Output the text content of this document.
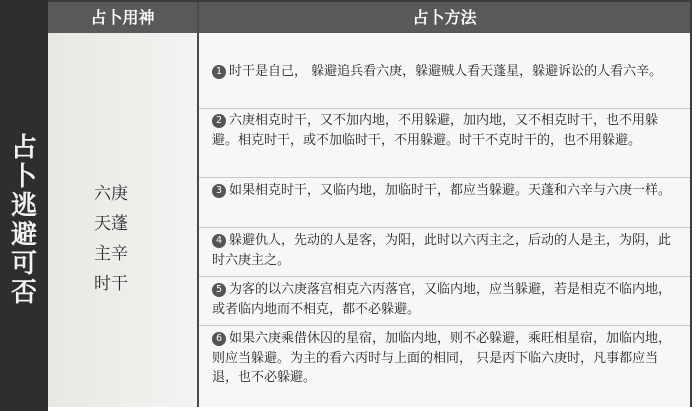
占
卜
逃
避
可
否
占卜用神	占卜方法
六庚
天蓬
主辛
时干
1 时干是自己， 躲避追兵看六庚，躲避贼人看天蓬星，躲避诉讼的人看六辛。
2 六庚相克时干，又不加内地，不用躲避，加内地，又不相克时干，也不用躲避。相克时干，或不加临时干，不用躲避。时干不克时干的，也不用躲避。
3 如果相克时干，又临内地，加临时干，都应当躲避。天蓬和六辛与六庚一样。
4 躲避仇人，先动的人是客，为阳，此时以六丙主之，后动的人是主，为阴，此时六庚主之。
5 为客的以六庚落宫相克六丙落官，又临内地，应当躲避，若是相克不临内地，或者临内地而不相克，都不必躲避。
6 如果六庚乘借休囚的星宿，加临内地，则不必躲避，乘旺相星宿，加临内地，则应当躲避。为主的看六丙时与上面的相同， 只是丙下临六庚时，凡事都应当退，也不必躲避。
